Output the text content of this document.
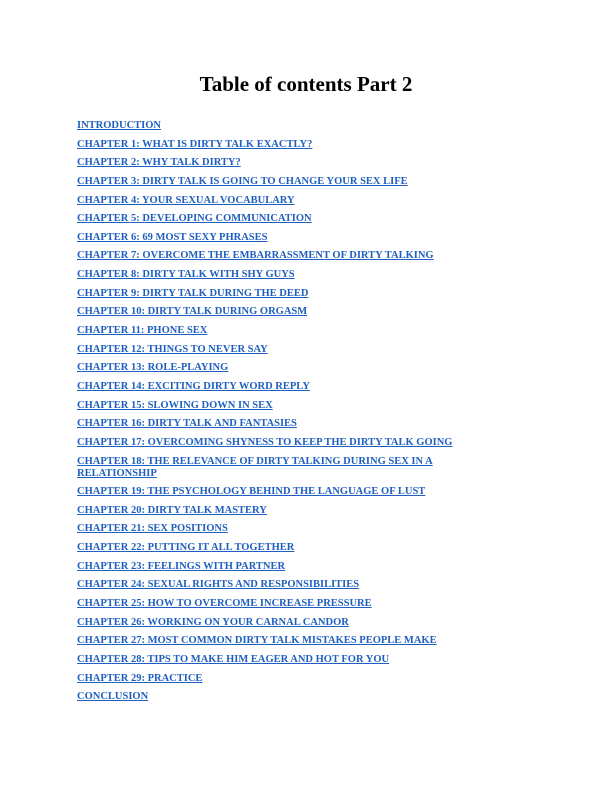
Table of contents Part 2
INTRODUCTION
CHAPTER 1: WHAT IS DIRTY TALK EXACTLY?
CHAPTER 2: WHY TALK DIRTY?
CHAPTER 3: DIRTY TALK IS GOING TO CHANGE YOUR SEX LIFE
CHAPTER 4: YOUR SEXUAL VOCABULARY
CHAPTER 5: DEVELOPING COMMUNICATION
CHAPTER 6: 69 MOST SEXY PHRASES
CHAPTER 7: OVERCOME THE EMBARRASSMENT OF DIRTY TALKING
CHAPTER 8: DIRTY TALK WITH SHY GUYS
CHAPTER 9: DIRTY TALK DURING THE DEED
CHAPTER 10: DIRTY TALK DURING ORGASM
CHAPTER 11: PHONE SEX
CHAPTER 12: THINGS TO NEVER SAY
CHAPTER 13: ROLE-PLAYING
CHAPTER 14: EXCITING DIRTY WORD REPLY
CHAPTER 15: SLOWING DOWN IN SEX
CHAPTER 16: DIRTY TALK AND FANTASIES
CHAPTER 17: OVERCOMING SHYNESS TO KEEP THE DIRTY TALK GOING
CHAPTER 18: THE RELEVANCE OF DIRTY TALKING DURING SEX IN A RELATIONSHIP
CHAPTER 19: THE PSYCHOLOGY BEHIND THE LANGUAGE OF LUST
CHAPTER 20: DIRTY TALK MASTERY
CHAPTER 21: SEX POSITIONS
CHAPTER 22: PUTTING IT ALL TOGETHER
CHAPTER 23: FEELINGS WITH PARTNER
CHAPTER 24: SEXUAL RIGHTS AND RESPONSIBILITIES
CHAPTER 25: HOW TO OVERCOME INCREASE PRESSURE
CHAPTER 26: WORKING ON YOUR CARNAL CANDOR
CHAPTER 27: MOST COMMON DIRTY TALK MISTAKES PEOPLE MAKE
CHAPTER 28: TIPS TO MAKE HIM EAGER AND HOT FOR YOU
CHAPTER 29: PRACTICE
CONCLUSION
